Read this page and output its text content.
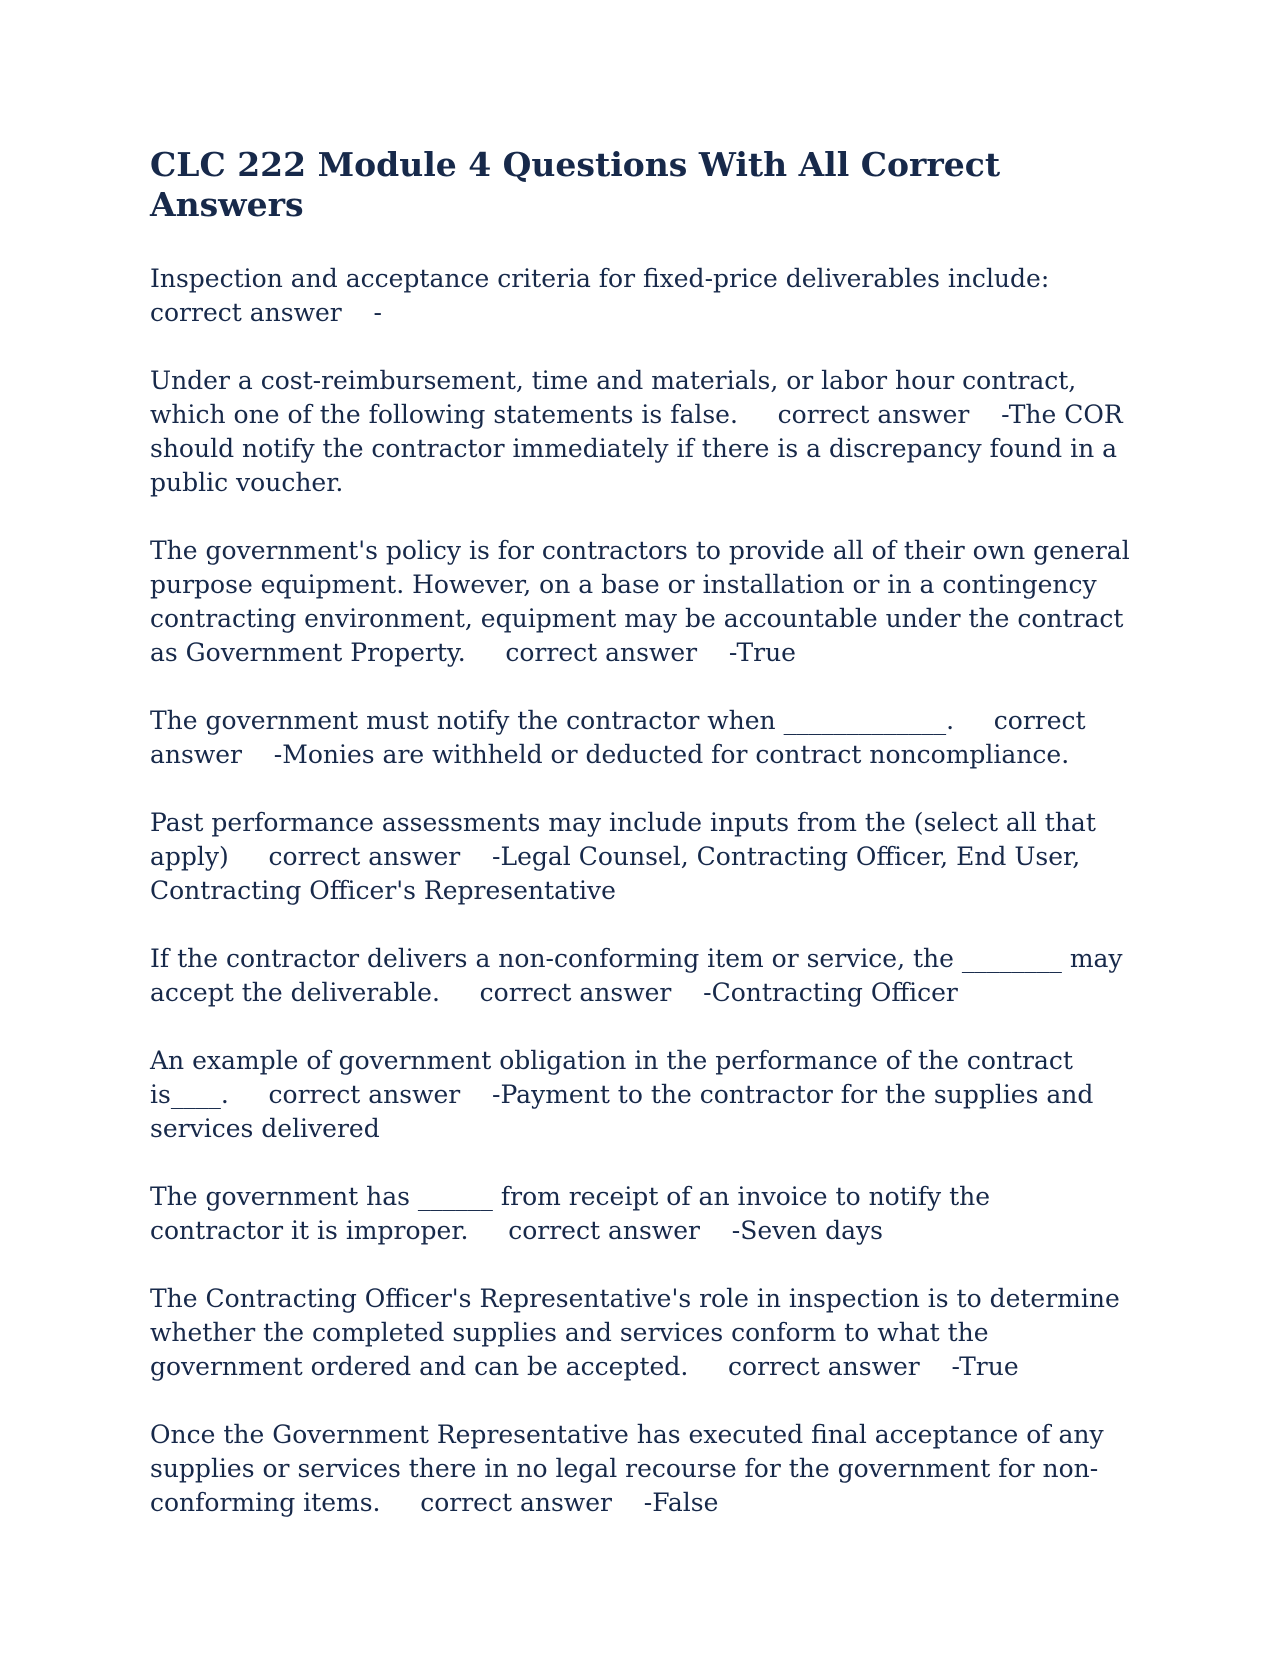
CLC 222 Module 4 Questions With All Correct Answers

Inspection and acceptance criteria for fixed-price deliverables include:     correct answer    -

Under a cost-reimbursement, time and materials, or labor hour contract, which one of the following statements is false. correct answer    -The COR should notify the contractor immediately if there is a discrepancy found in a public voucher.

The government's policy is for contractors to provide all of their own general purpose equipment. However, on a base or installation or in a contingency contracting environment, equipment may be accountable under the contract as Government Property. correct answer    -True

The government must notify the contractor when _____________. correct answer    -Monies are withheld or deducted for contract noncompliance.

Past performance assessments may include inputs from the (select all that apply) correct answer    -Legal Counsel, Contracting Officer, End User, Contracting Officer's Representative

If the contractor delivers a non-conforming item or service, the ________ may accept the deliverable. correct answer    -Contracting Officer

An example of government obligation in the performance of the contract is____. correct answer    -Payment to the contractor for the supplies and services delivered

The government has ______ from receipt of an invoice to notify the contractor it is improper. correct answer    -Seven days

The Contracting Officer's Representative's role in inspection is to determine whether the completed supplies and services conform to what the government ordered and can be accepted. correct answer    -True

Once the Government Representative has executed final acceptance of any supplies or services there in no legal recourse for the government for non-conforming items. correct answer    -False
